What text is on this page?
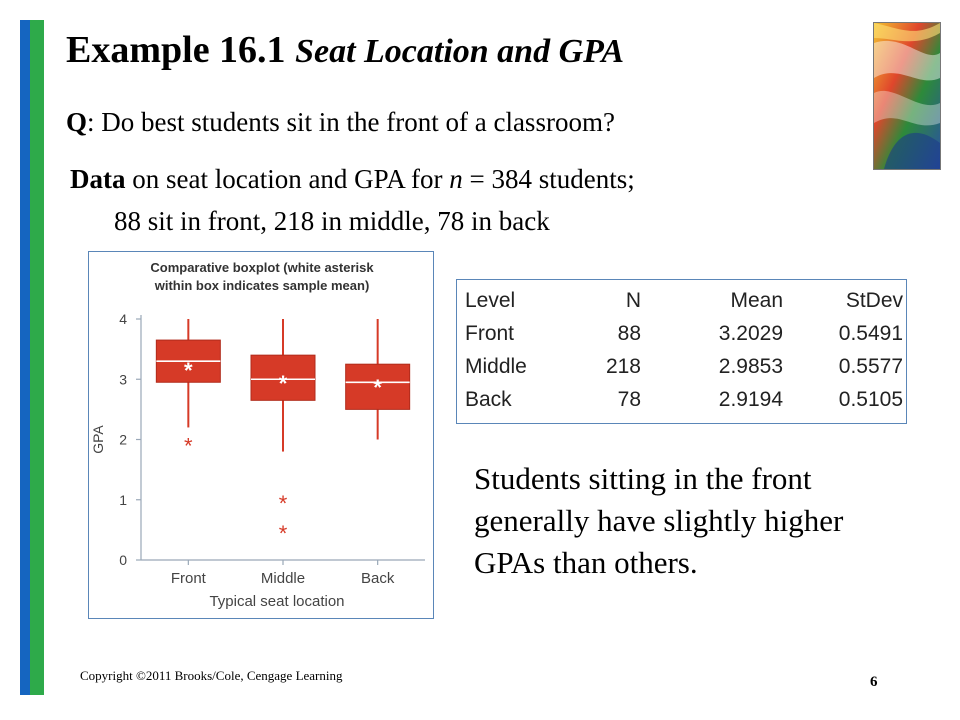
Example 16.1 Seat Location and GPA
Q: Do best students sit in the front of a classroom?
Data on seat location and GPA for n = 384 students;
88 sit in front, 218 in middle, 78 in back
Comparative boxplot (white asterisk
within box indicates sample mean)
0
1
2
3
4
GPA
*
*
Front
*
*
*
Middle
*
Back
Typical seat location
Level	N	Mean	StDev
Front	88	3.2029	0.5491
Middle	218	2.9853	0.5577
Back	78	2.9194	0.5105
Students sitting in the front generally have slightly higher GPAs than others.
Copyright ©2011 Brooks/Cole, Cengage Learning	6
